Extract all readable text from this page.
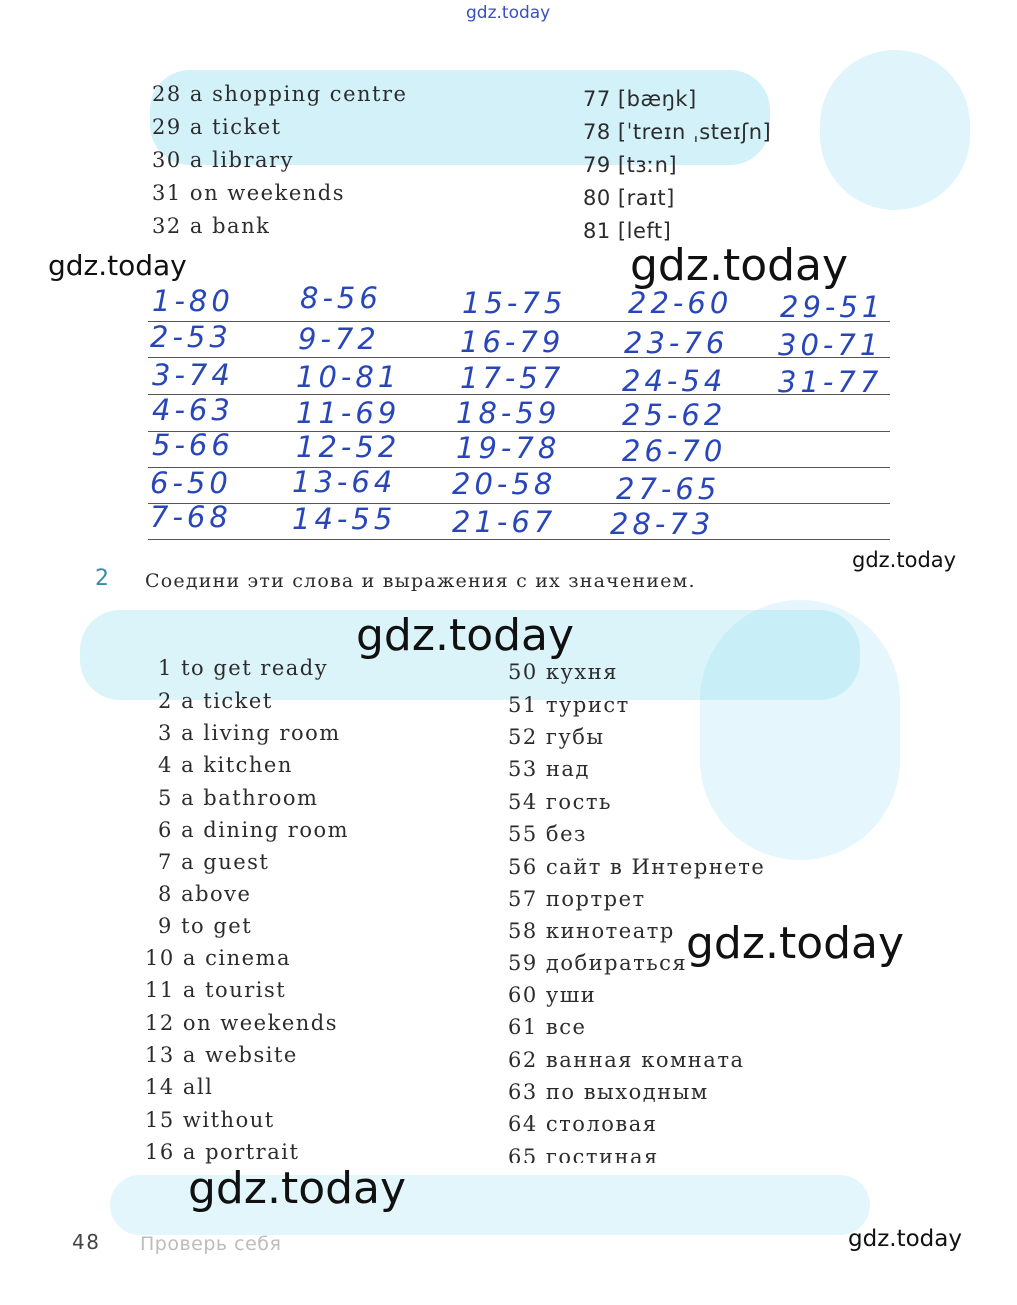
gdz.today
28 a shopping centre
29 a ticket
30 a library
31 on weekends
32 a bank
77 [bæŋk]
78 [ˈtreɪn ˌsteɪʃn]
79 [tɜːn]
80 [raɪt]
81 [left]
gdz.today	gdz.today
1-80 8-56	15-75 22-60 29-51
2-53 9-72	16-79 23-76 30-71
3-74 10-81 17-57 24-54 31-77
4-63 11-69 18-59 25-62
5-66 12-52 19-78 26-70
6-50 13-64 20-58 27-65
7-68 14-55 21-67 28-73
gdz.today
2 Соедини эти слова и выражения с их значением.
gdz.today
1 to get ready
2 a ticket
3 a living room
4 a kitchen
5 a bathroom
6 a dining room
7 a guest
8 above
9 to get
10 a cinema
11 a tourist
12 on weekends
13 a website
14 all
15 without
16 a portrait
50 кухня
51 турист
52 губы
53 над
54 гость
55 без
56 сайт в Интернете
57 портрет
58 кинотеатр
59 добираться
60 уши
61 все
62 ванная комната
63 по выходным
64 столовая
65 гостиная
gdz.today
gdz.today
48 Проверь себя	gdz.today
